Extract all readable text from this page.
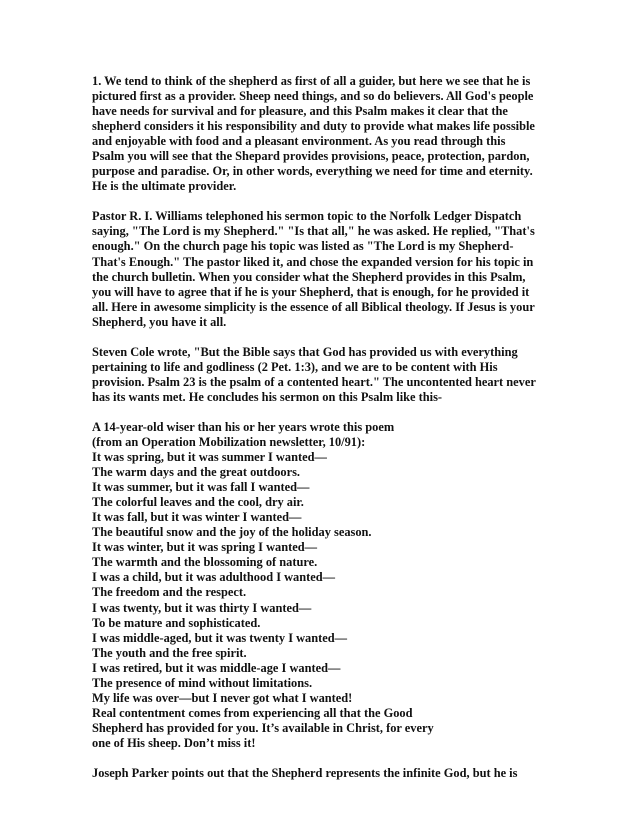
1. We tend to think of the shepherd as first of all a guider, but here we see that he is
pictured first as a provider. Sheep need things, and so do believers. All God's people
have needs for survival and for pleasure, and this Psalm makes it clear that the
shepherd considers it his responsibility and duty to provide what makes life possible
and enjoyable with food and a pleasant environment. As you read through this
Psalm you will see that the Shepard provides provisions, peace, protection, pardon,
purpose and paradise. Or, in other words, everything we need for time and eternity.
He is the ultimate provider.

Pastor R. I. Williams telephoned his sermon topic to the Norfolk Ledger Dispatch
saying, "The Lord is my Shepherd." "Is that all," he was asked. He replied, "That's
enough." On the church page his topic was listed as "The Lord is my Shepherd-
That's Enough." The pastor liked it, and chose the expanded version for his topic in
the church bulletin. When you consider what the Shepherd provides in this Psalm,
you will have to agree that if he is your Shepherd, that is enough, for he provided it
all. Here in awesome simplicity is the essence of all Biblical theology. If Jesus is your
Shepherd, you have it all.

Steven Cole wrote, "But the Bible says that God has provided us with everything
pertaining to life and godliness (2 Pet. 1:3), and we are to be content with His
provision. Psalm 23 is the psalm of a contented heart." The uncontented heart never
has its wants met. He concludes his sermon on this Psalm like this-

A 14-year-old wiser than his or her years wrote this poem
(from an Operation Mobilization newsletter, 10/91):
It was spring, but it was summer I wanted—
The warm days and the great outdoors.
It was summer, but it was fall I wanted—
The colorful leaves and the cool, dry air.
It was fall, but it was winter I wanted—
The beautiful snow and the joy of the holiday season.
It was winter, but it was spring I wanted—
The warmth and the blossoming of nature.
I was a child, but it was adulthood I wanted—
The freedom and the respect.
I was twenty, but it was thirty I wanted—
To be mature and sophisticated.
I was middle-aged, but it was twenty I wanted—
The youth and the free spirit.
I was retired, but it was middle-age I wanted—
The presence of mind without limitations.
My life was over—but I never got what I wanted!
Real contentment comes from experiencing all that the Good
Shepherd has provided for you. It’s available in Christ, for every
one of His sheep. Don’t miss it!

Joseph Parker points out that the Shepherd represents the infinite God, but he is
